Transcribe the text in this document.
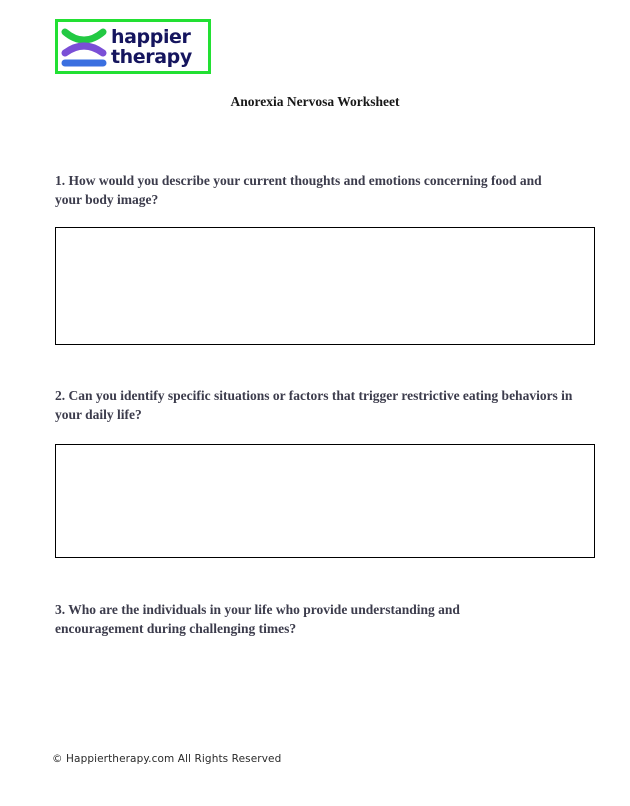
happier
therapy
Anorexia Nervosa Worksheet
1. How would you describe your current thoughts and emotions concerning food and your body image?
2. Can you identify specific situations or factors that trigger restrictive eating behaviors in your daily life?
3. Who are the individuals in your life who provide understanding and encouragement during challenging times?
© Happiertherapy.com All Rights Reserved
